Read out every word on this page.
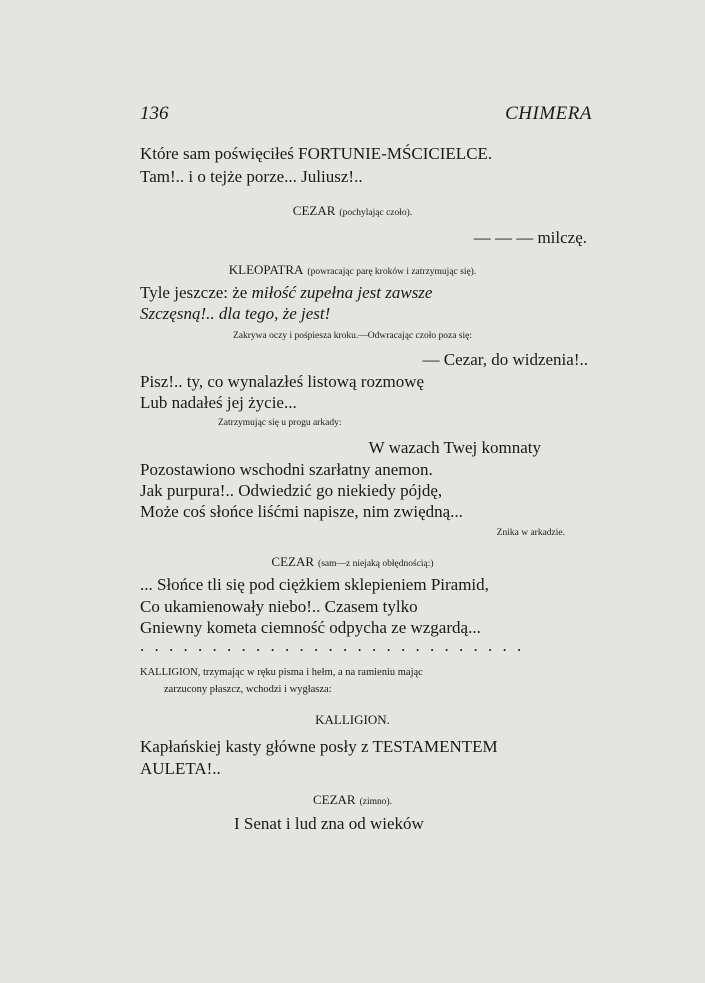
136	CHIMERA
Które sam poświęciłeś FORTUNIE-MŚCICIELCE.
Tam!.. i o tejże porze... Juliusz!..
CEZAR (pochylając czoło).
— — — milczę.
KLEOPATRA (powracając parę kroków i zatrzymując się).
Tyle jeszcze: że miłość zupełna jest zawsze
Szczęsną!.. dla tego, że jest!
Zakrywa oczy i pośpiesza kroku.—Odwracając czoło poza się:
— Cezar, do widzenia!..
Pisz!.. ty, co wynalazłeś listową rozmowę
Lub nadałeś jej życie...
Zatrzymując się u progu arkady:
W wazach Twej komnaty
Pozostawiono wschodni szarłatny anemon.
Jak purpura!.. Odwiedzić go niekiedy pójdę,
Może coś słońce liśćmi napisze, nim zwiędną...
Znika w arkadzie.
CEZAR (sam—z niejaką obłędnością:)
... Słońce tli się pod ciężkiem sklepieniem Piramid,
Co ukamienowały niebo!.. Czasem tylko
Gniewny kometa ciemność odpycha ze wzgardą...
. . . . . . . . . . . . . . . . . . . . . . . . . . .
KALLIGION, trzymając w ręku pisma i hełm, a na ramieniu mając
zarzucony płaszcz, wchodzi i wygłasza:
KALLIGION.
Kapłańskiej kasty główne posły z TESTAMENTEM
AULETA!..
CEZAR (zimno).
I Senat i lud zna od wieków
